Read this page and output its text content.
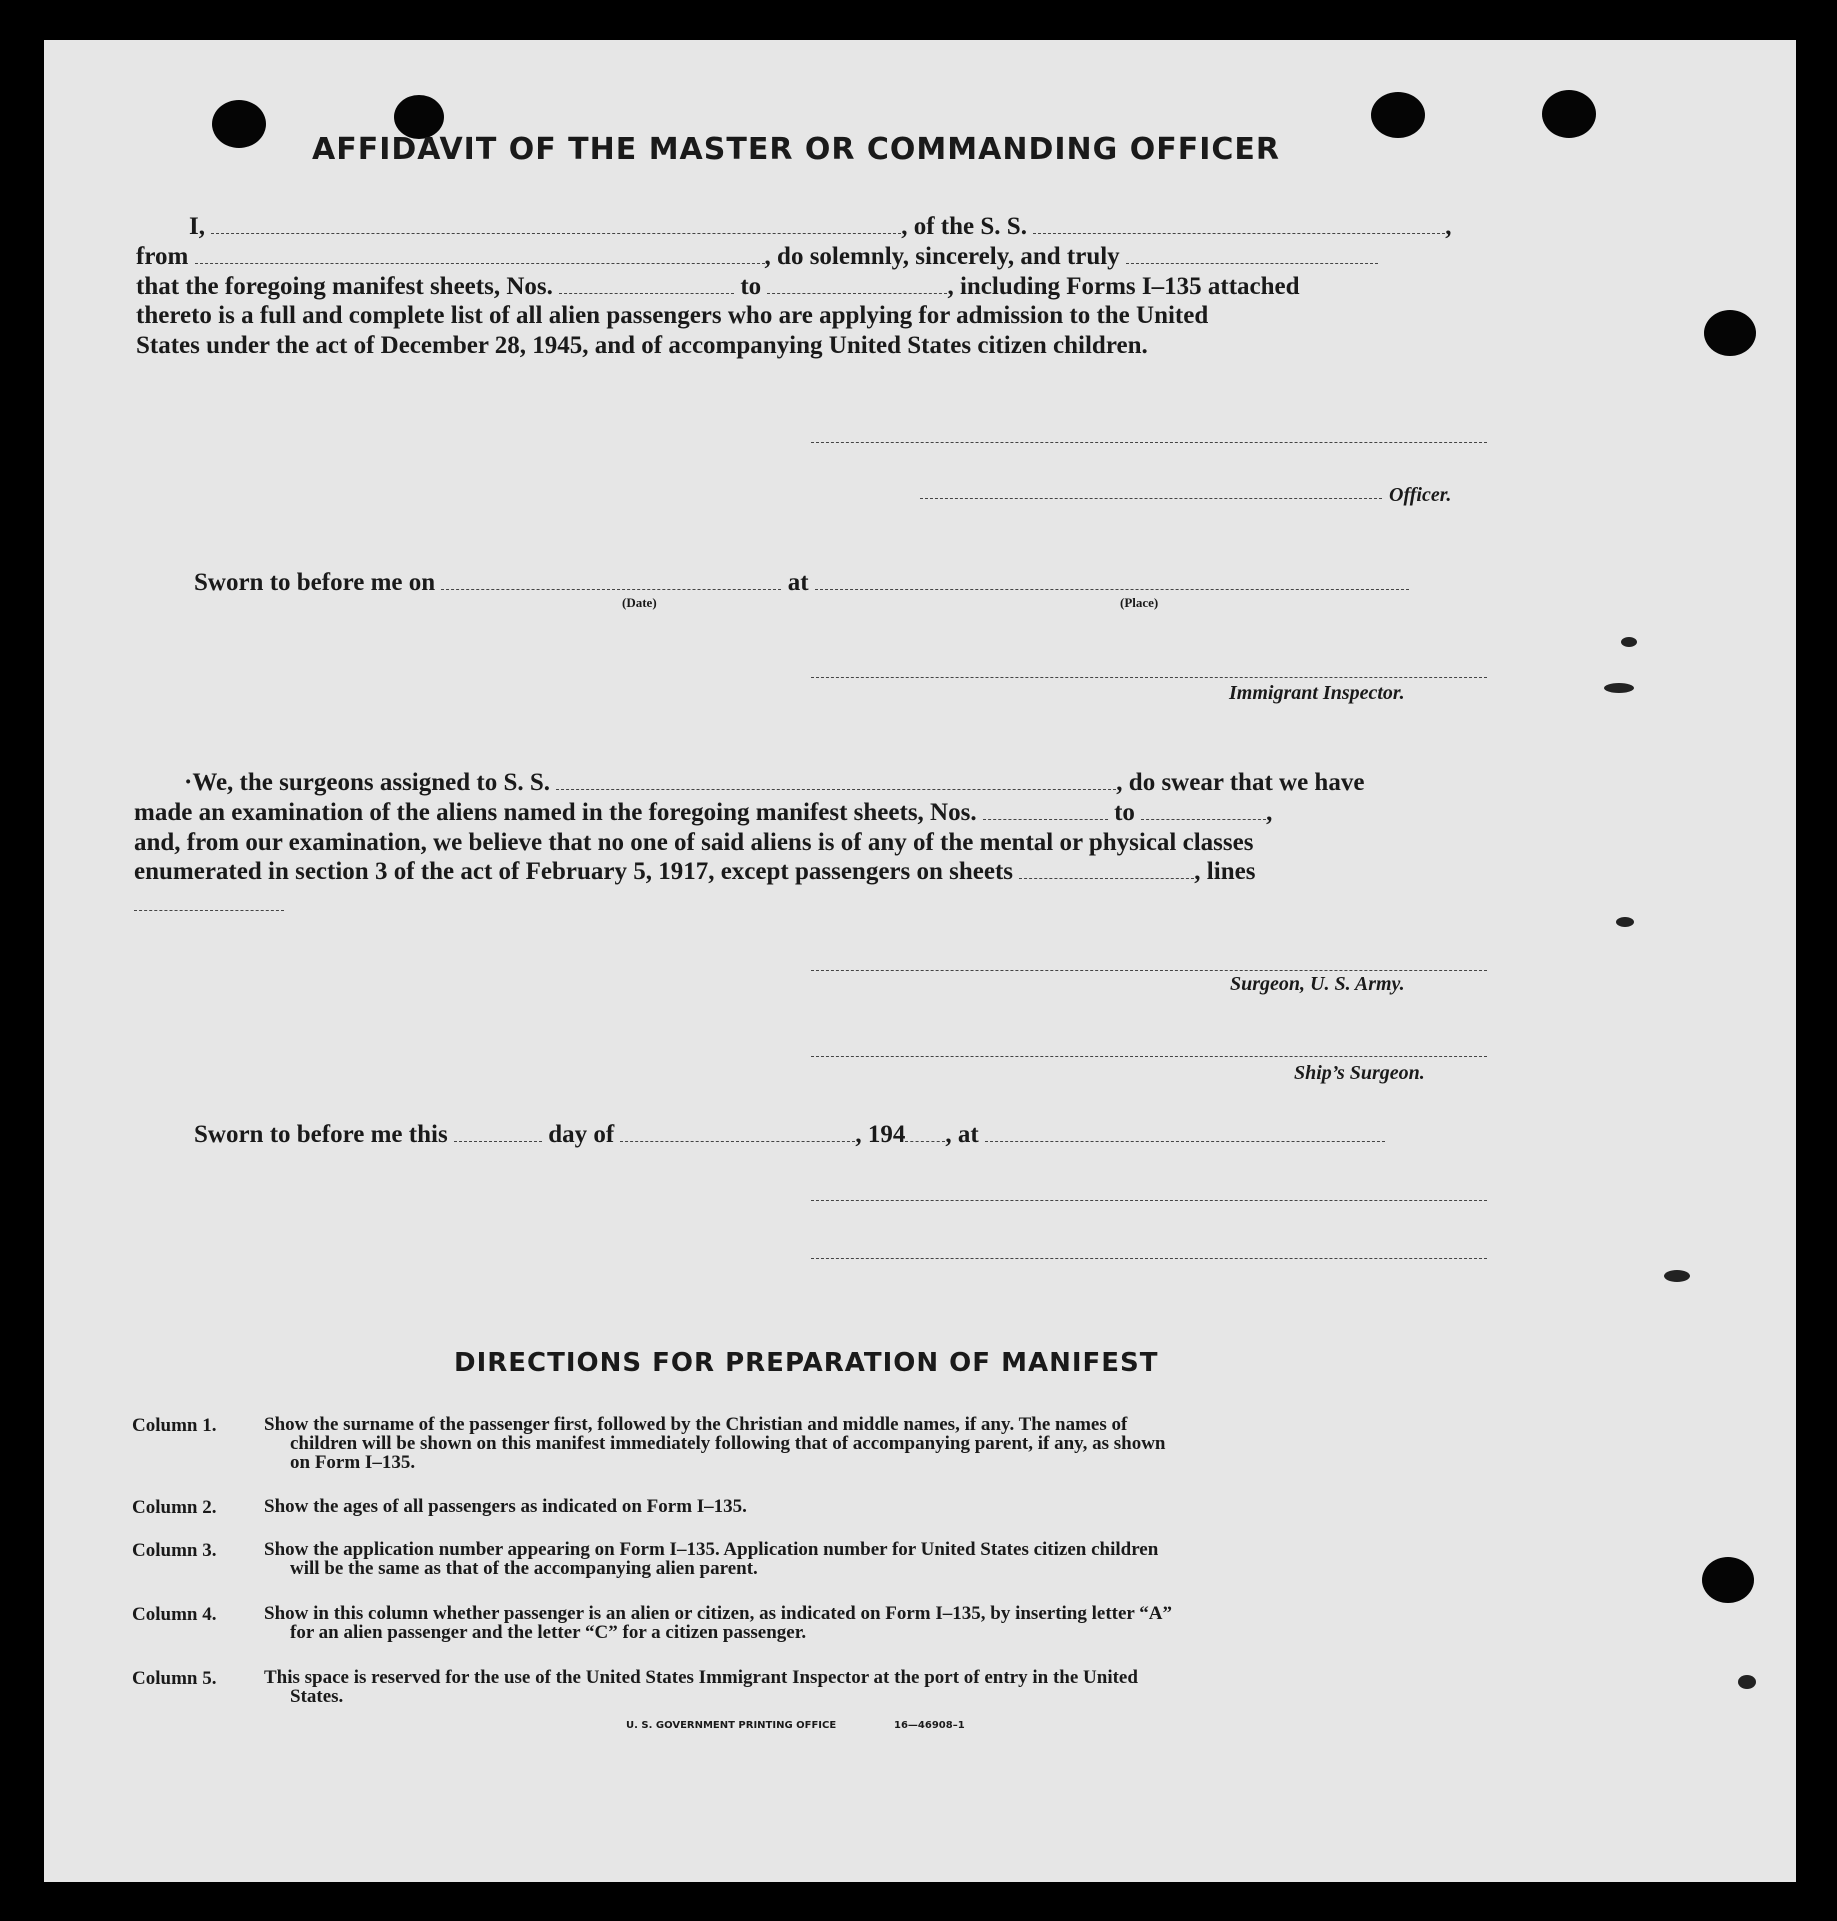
AFFIDAVIT OF THE MASTER OR COMMANDING OFFICER
I,	, of the S. S.	,
from	, do solemnly, sincerely, and truly
that the foregoing manifest sheets, Nos.	to	, including Forms I–135 attached
thereto is a full and complete list of all alien passengers who are applying for admission to the United
States under the act of December 28, 1945, and of accompanying United States citizen children.
Officer.
Sworn to before me on	at
(Date)	(Place)
Immigrant Inspector.
·We, the surgeons assigned to S. S.	, do swear that we have
made an examination of the aliens named in the foregoing manifest sheets, Nos.	to	,
and, from our examination, we believe that no one of said aliens is of any of the mental or physical classes
enumerated in section 3 of the act of February 5, 1917, except passengers on sheets	, lines
Surgeon, U. S. Army.
Ship’s Surgeon.
Sworn to before me this	day of	, 194 , at
DIRECTIONS FOR PREPARATION OF MANIFEST
Column 1.	Show the surname of the passenger first, followed by the Christian and middle names, if any. The names of
children will be shown on this manifest immediately following that of accompanying parent, if any, as shown
on Form I–135.
Column 2.	Show the ages of all passengers as indicated on Form I–135.
Column 3.	Show the application number appearing on Form I–135. Application number for United States citizen children
will be the same as that of the accompanying alien parent.
Column 4.	Show in this column whether passenger is an alien or citizen, as indicated on Form I–135, by inserting letter “A”
for an alien passenger and the letter “C” for a citizen passenger.
Column 5.	This space is reserved for the use of the United States Immigrant Inspector at the port of entry in the United
States.
U. S. GOVERNMENT PRINTING OFFICE	16—46908–1
